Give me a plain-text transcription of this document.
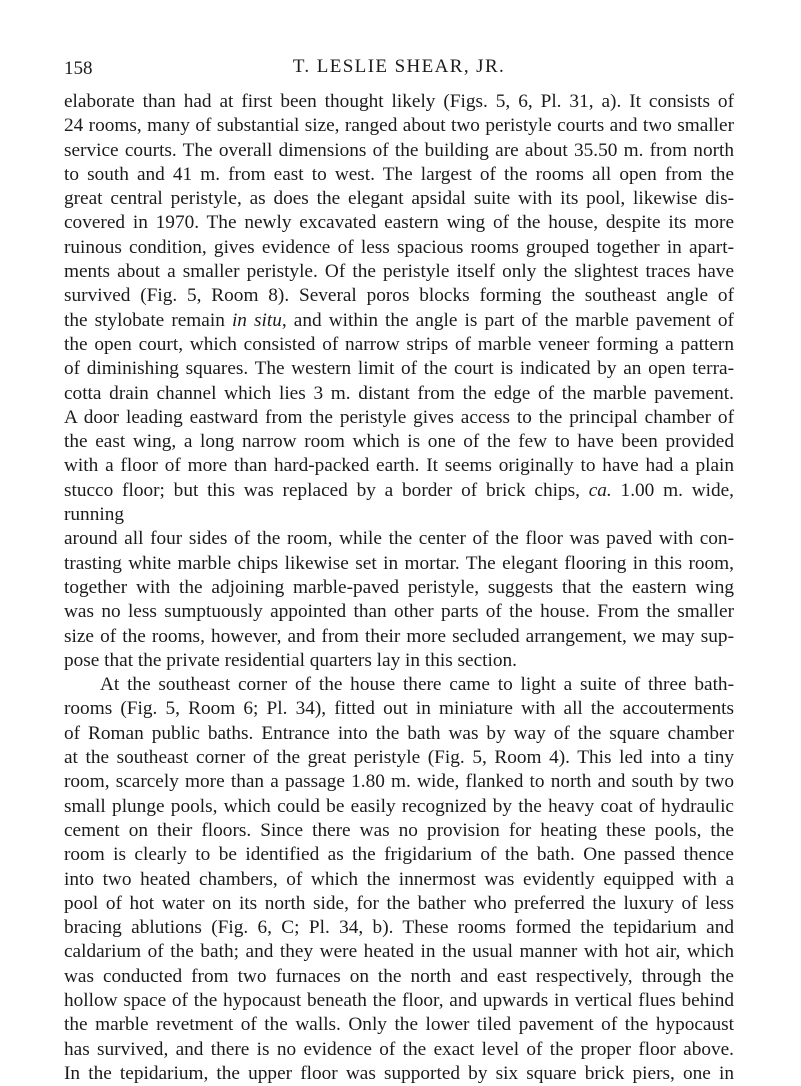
158	T. LESLIE SHEAR, JR.

elaborate than had at first been thought likely (Figs. 5, 6, Pl. 31, a). It consists of

24 rooms, many of substantial size, ranged about two peristyle courts and two smaller

service courts. The overall dimensions of the building are about 35.50 m. from north

to south and 41 m. from east to west. The largest of the rooms all open from the

great central peristyle, as does the elegant apsidal suite with its pool, likewise dis-

covered in 1970. The newly excavated eastern wing of the house, despite its more

ruinous condition, gives evidence of less spacious rooms grouped together in apart-

ments about a smaller peristyle. Of the peristyle itself only the slightest traces have

survived (Fig. 5, Room 8). Several poros blocks forming the southeast angle of

the stylobate remain in situ, and within the angle is part of the marble pavement of

the open court, which consisted of narrow strips of marble veneer forming a pattern

of diminishing squares. The western limit of the court is indicated by an open terra-

cotta drain channel which lies 3 m. distant from the edge of the marble pavement.

A door leading eastward from the peristyle gives access to the principal chamber of

the east wing, a long narrow room which is one of the few to have been provided

with a floor of more than hard-packed earth. It seems originally to have had a plain

stucco floor; but this was replaced by a border of brick chips, ca. 1.00 m. wide, running

around all four sides of the room, while the center of the floor was paved with con-

trasting white marble chips likewise set in mortar. The elegant flooring in this room,

together with the adjoining marble-paved peristyle, suggests that the eastern wing

was no less sumptuously appointed than other parts of the house. From the smaller

size of the rooms, however, and from their more secluded arrangement, we may sup-

pose that the private residential quarters lay in this section.

At the southeast corner of the house there came to light a suite of three bath-

rooms (Fig. 5, Room 6; Pl. 34), fitted out in miniature with all the accouterments

of Roman public baths. Entrance into the bath was by way of the square chamber

at the southeast corner of the great peristyle (Fig. 5, Room 4). This led into a tiny

room, scarcely more than a passage 1.80 m. wide, flanked to north and south by two

small plunge pools, which could be easily recognized by the heavy coat of hydraulic

cement on their floors. Since there was no provision for heating these pools, the

room is clearly to be identified as the frigidarium of the bath. One passed thence

into two heated chambers, of which the innermost was evidently equipped with a

pool of hot water on its north side, for the bather who preferred the luxury of less

bracing ablutions (Fig. 6, C; Pl. 34, b). These rooms formed the tepidarium and

caldarium of the bath; and they were heated in the usual manner with hot air, which

was conducted from two furnaces on the north and east respectively, through the

hollow space of the hypocaust beneath the floor, and upwards in vertical flues behind

the marble revetment of the walls. Only the lower tiled pavement of the hypocaust

has survived, and there is no evidence of the exact level of the proper floor above.

In the tepidarium, the upper floor was supported by six square brick piers, one in
